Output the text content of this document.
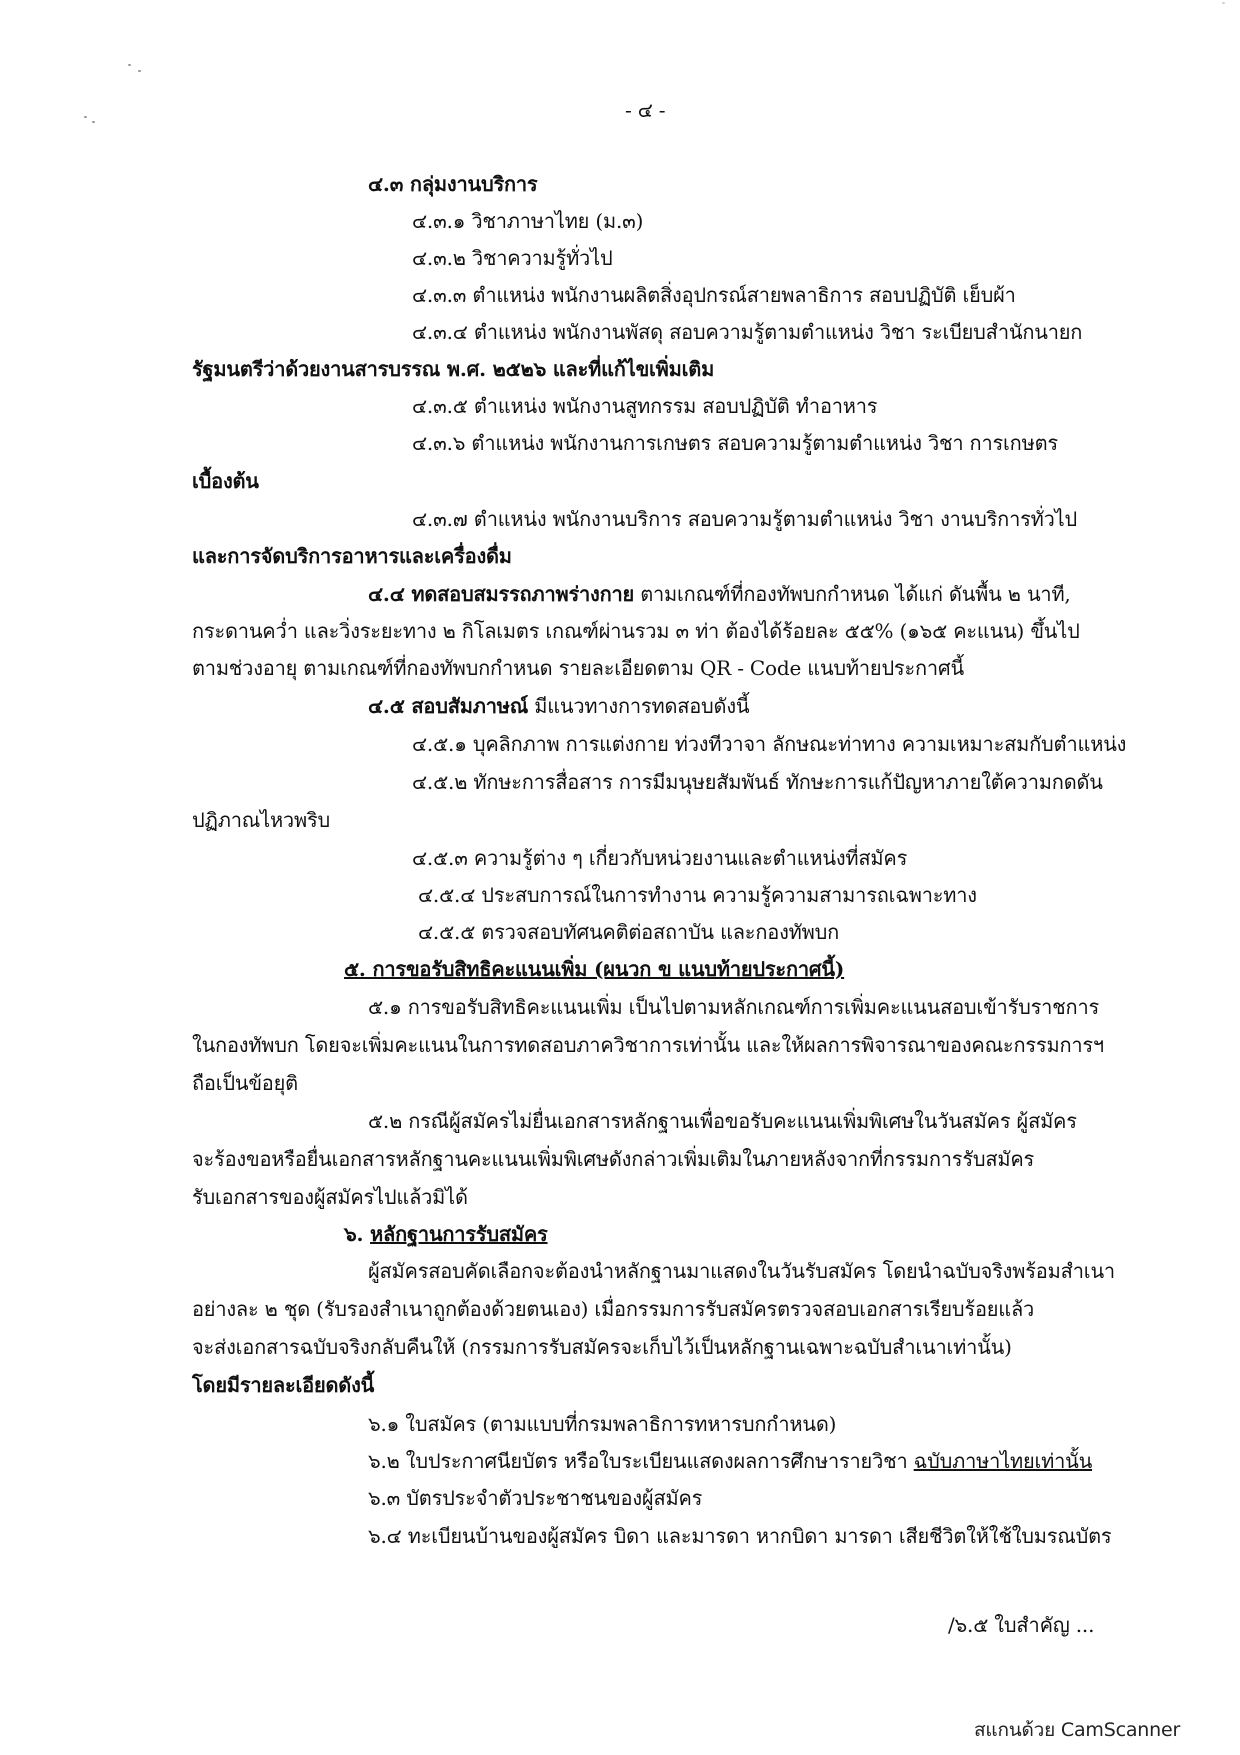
- ๔ -
๔.๓ กลุ่มงานบริการ
๔.๓.๑ วิชาภาษาไทย (ม.๓)
๔.๓.๒ วิชาความรู้ทั่วไป
๔.๓.๓ ตำแหน่ง พนักงานผลิตสิ่งอุปกรณ์สายพลาธิการ สอบปฏิบัติ เย็บผ้า
๔.๓.๔ ตำแหน่ง พนักงานพัสดุ สอบความรู้ตามตำแหน่ง วิชา ระเบียบสำนักนายก
รัฐมนตรีว่าด้วยงานสารบรรณ พ.ศ. ๒๕๒๖ และที่แก้ไขเพิ่มเติม
๔.๓.๕ ตำแหน่ง พนักงานสูทกรรม สอบปฏิบัติ ทำอาหาร
๔.๓.๖ ตำแหน่ง พนักงานการเกษตร สอบความรู้ตามตำแหน่ง วิชา การเกษตร
เบื้องต้น
๔.๓.๗ ตำแหน่ง พนักงานบริการ สอบความรู้ตามตำแหน่ง วิชา งานบริการทั่วไป
และการจัดบริการอาหารและเครื่องดื่ม
๔.๔ ทดสอบสมรรถภาพร่างกาย ตามเกณฑ์ที่กองทัพบกกำหนด ได้แก่ ดันพื้น ๒ นาที,
กระดานคว่ำ และวิ่งระยะทาง ๒ กิโลเมตร เกณฑ์ผ่านรวม ๓ ท่า ต้องได้ร้อยละ ๕๕% (๑๖๕ คะแนน) ขึ้นไป
ตามช่วงอายุ ตามเกณฑ์ที่กองทัพบกกำหนด รายละเอียดตาม QR - Code แนบท้ายประกาศนี้
๔.๕ สอบสัมภาษณ์ มีแนวทางการทดสอบดังนี้
๔.๕.๑ บุคลิกภาพ การแต่งกาย ท่วงทีวาจา ลักษณะท่าทาง ความเหมาะสมกับตำแหน่ง
๔.๕.๒ ทักษะการสื่อสาร การมีมนุษยสัมพันธ์ ทักษะการแก้ปัญหาภายใต้ความกดดัน
ปฏิภาณไหวพริบ
๔.๕.๓ ความรู้ต่าง ๆ เกี่ยวกับหน่วยงานและตำแหน่งที่สมัคร
๔.๕.๔ ประสบการณ์ในการทำงาน ความรู้ความสามารถเฉพาะทาง
๔.๕.๕ ตรวจสอบทัศนคติต่อสถาบัน และกองทัพบก
๕. การขอรับสิทธิคะแนนเพิ่ม (ผนวก ข แนบท้ายประกาศนี้)
๕.๑ การขอรับสิทธิคะแนนเพิ่ม เป็นไปตามหลักเกณฑ์การเพิ่มคะแนนสอบเข้ารับราชการ
ในกองทัพบก โดยจะเพิ่มคะแนนในการทดสอบภาควิชาการเท่านั้น และให้ผลการพิจารณาของคณะกรรมการฯ
ถือเป็นข้อยุติ
๕.๒ กรณีผู้สมัครไม่ยื่นเอกสารหลักฐานเพื่อขอรับคะแนนเพิ่มพิเศษในวันสมัคร ผู้สมัคร
จะร้องขอหรือยื่นเอกสารหลักฐานคะแนนเพิ่มพิเศษดังกล่าวเพิ่มเติมในภายหลังจากที่กรรมการรับสมัคร
รับเอกสารของผู้สมัครไปแล้วมิได้
๖. หลักฐานการรับสมัคร
ผู้สมัครสอบคัดเลือกจะต้องนำหลักฐานมาแสดงในวันรับสมัคร โดยนำฉบับจริงพร้อมสำเนา
อย่างละ ๒ ชุด (รับรองสำเนาถูกต้องด้วยตนเอง) เมื่อกรรมการรับสมัครตรวจสอบเอกสารเรียบร้อยแล้ว
จะส่งเอกสารฉบับจริงกลับคืนให้ (กรรมการรับสมัครจะเก็บไว้เป็นหลักฐานเฉพาะฉบับสำเนาเท่านั้น)
โดยมีรายละเอียดดังนี้
๖.๑ ใบสมัคร (ตามแบบที่กรมพลาธิการทหารบกกำหนด)
๖.๒ ใบประกาศนียบัตร หรือใบระเบียนแสดงผลการศึกษารายวิชา ฉบับภาษาไทยเท่านั้น
๖.๓ บัตรประจำตัวประชาชนของผู้สมัคร
๖.๔ ทะเบียนบ้านของผู้สมัคร บิดา และมารดา หากบิดา มารดา เสียชีวิตให้ใช้ใบมรณบัตร
/๖.๕ ใบสำคัญ ...
สแกนด้วย CamScanner
